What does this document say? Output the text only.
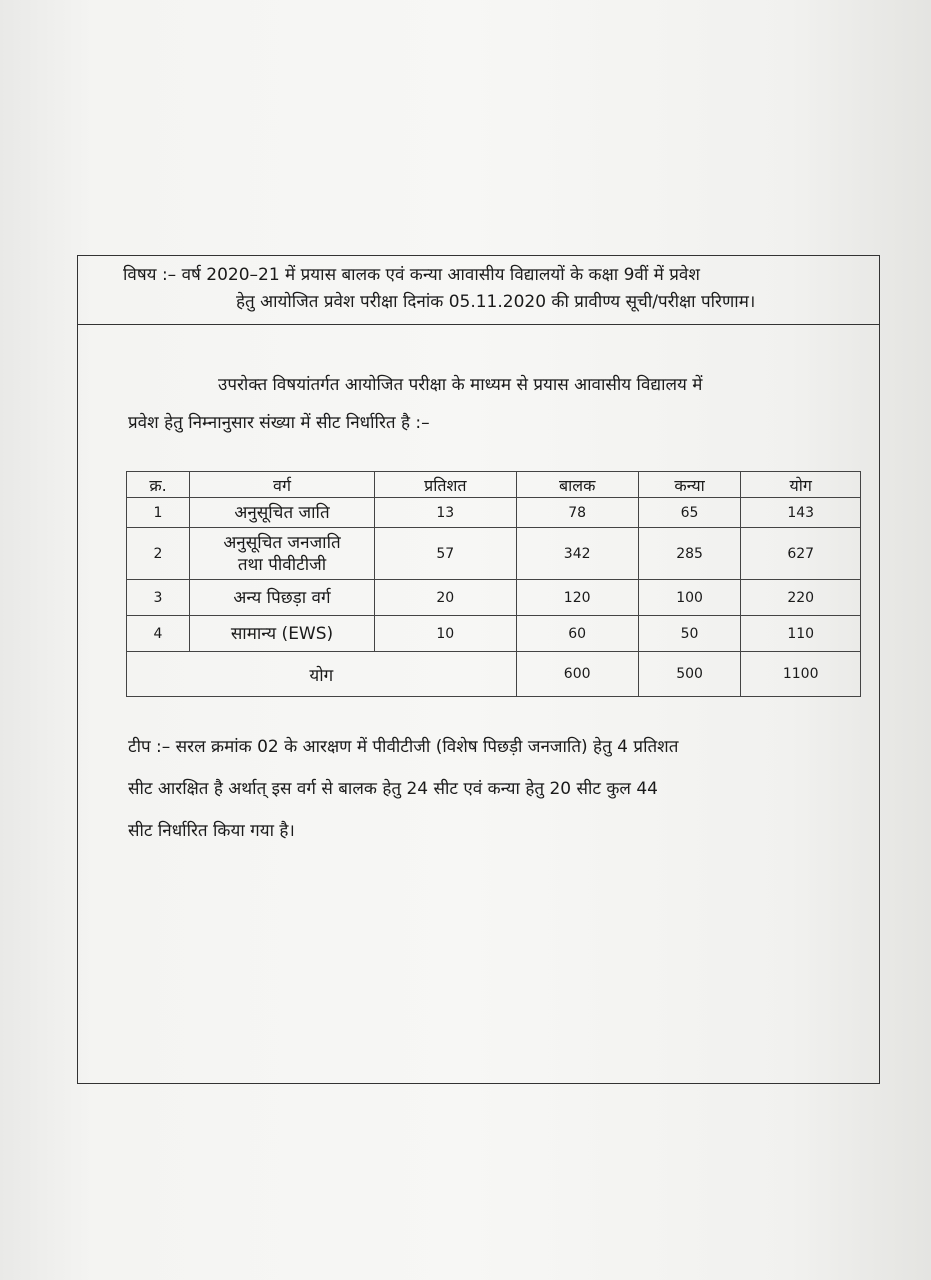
विषय :– वर्ष 2020–21 में प्रयास बालक एवं कन्या आवासीय विद्यालयों के कक्षा 9वीं में प्रवेश
हेतु आयोजित प्रवेश परीक्षा दिनांक 05.11.2020 की प्रावीण्य सूची/परीक्षा परिणाम।
उपरोक्त विषयांतर्गत आयोजित परीक्षा के माध्यम से प्रयास आवासीय विद्यालय में
प्रवेश हेतु निम्नानुसार संख्या में सीट निर्धारित है :–
क्र.	वर्ग	प्रतिशत	बालक	कन्या	योग
1	अनुसूचित जाति	13	78	65	143
2	अनुसूचित जनजाति
तथा पीवीटीजी	57	342	285	627
3	अन्य पिछड़ा वर्ग	20	120	100	220
4	सामान्य (EWS)	10	60	50	110
योग			600	500	1100
टीप :– सरल क्रमांक 02 के आरक्षण में पीवीटीजी (विशेष पिछड़ी जनजाति) हेतु 4 प्रतिशत
सीट आरक्षित है अर्थात् इस वर्ग से बालक हेतु 24 सीट एवं कन्या हेतु 20 सीट कुल 44
सीट निर्धारित किया गया है।
